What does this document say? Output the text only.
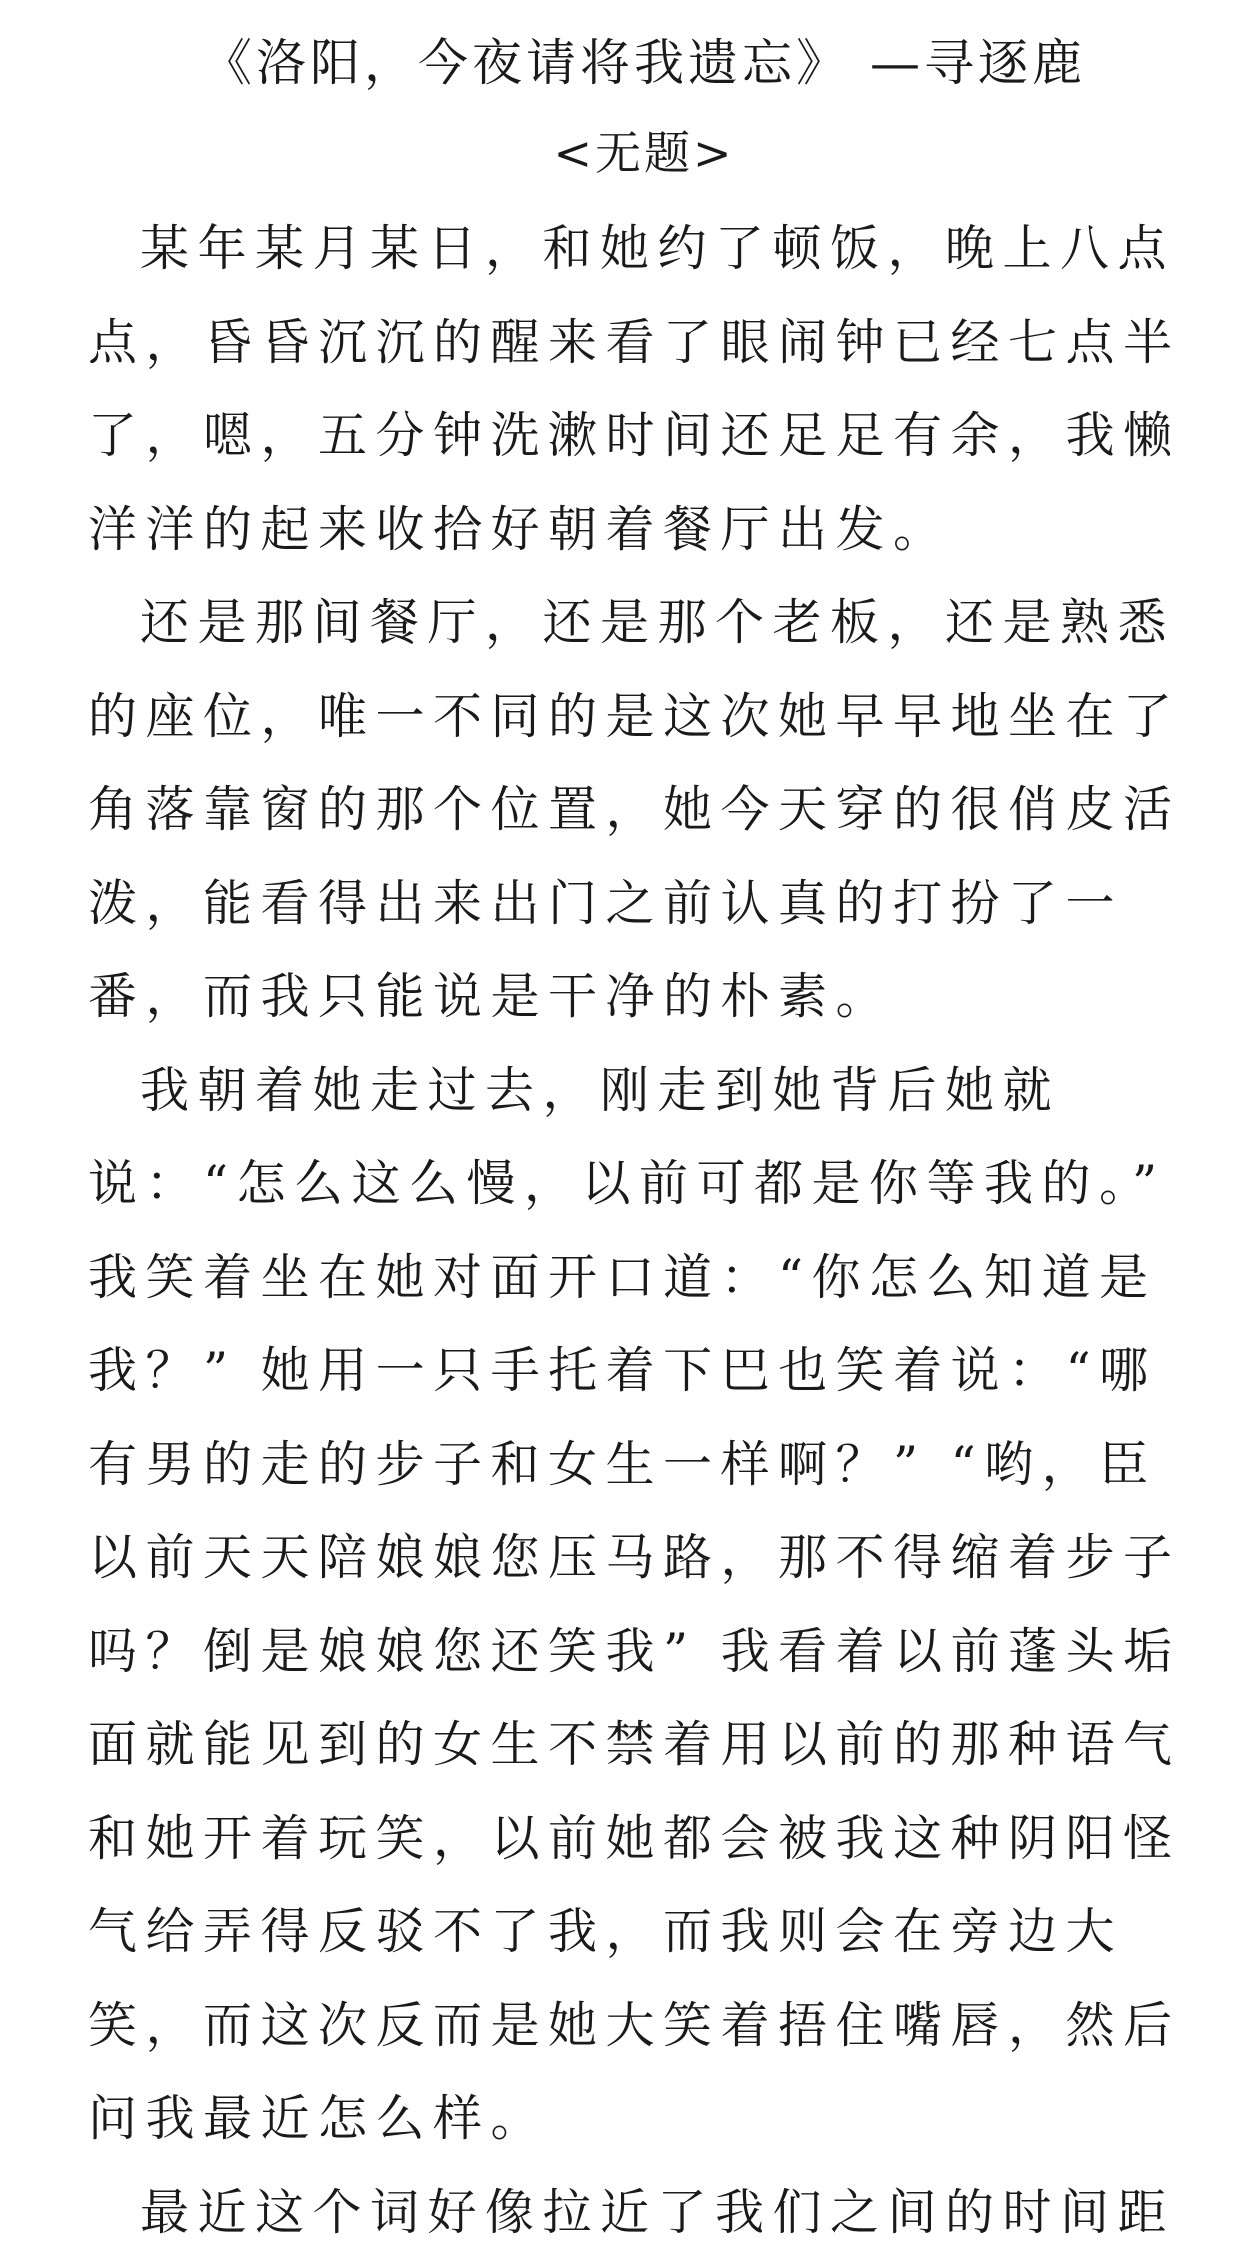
《洛阳，今夜请将我遗忘》 —寻逐鹿
<无题>

某年某月某日，和她约了顿饭，晚上八点点，昏昏沉沉的醒来看了眼闹钟已经七点半了，嗯，五分钟洗漱时间还足足有余，我懒洋洋的起来收拾好朝着餐厅出发。

还是那间餐厅，还是那个老板，还是熟悉的座位，唯一不同的是这次她早早地坐在了角落靠窗的那个位置，她今天穿的很俏皮活泼，能看得出来出门之前认真的打扮了一番，而我只能说是干净的朴素。

我朝着她走过去，刚走到她背后她就说：“怎么这么慢，以前可都是你等我的。” 我笑着坐在她对面开口道：“你怎么知道是我？” 她用一只手托着下巴也笑着说：“哪有男的走的步子和女生一样啊？” “哟，臣以前天天陪娘娘您压马路，那不得缩着步子吗？倒是娘娘您还笑我” 我看着以前蓬头垢面就能见到的女生不禁着用以前的那种语气和她开着玩笑，以前她都会被我这种阴阳怪气给弄得反驳不了我，而我则会在旁边大笑，而这次反而是她大笑着捂住嘴唇，然后问我最近怎么样。

最近这个词好像拉近了我们之间的时间距
